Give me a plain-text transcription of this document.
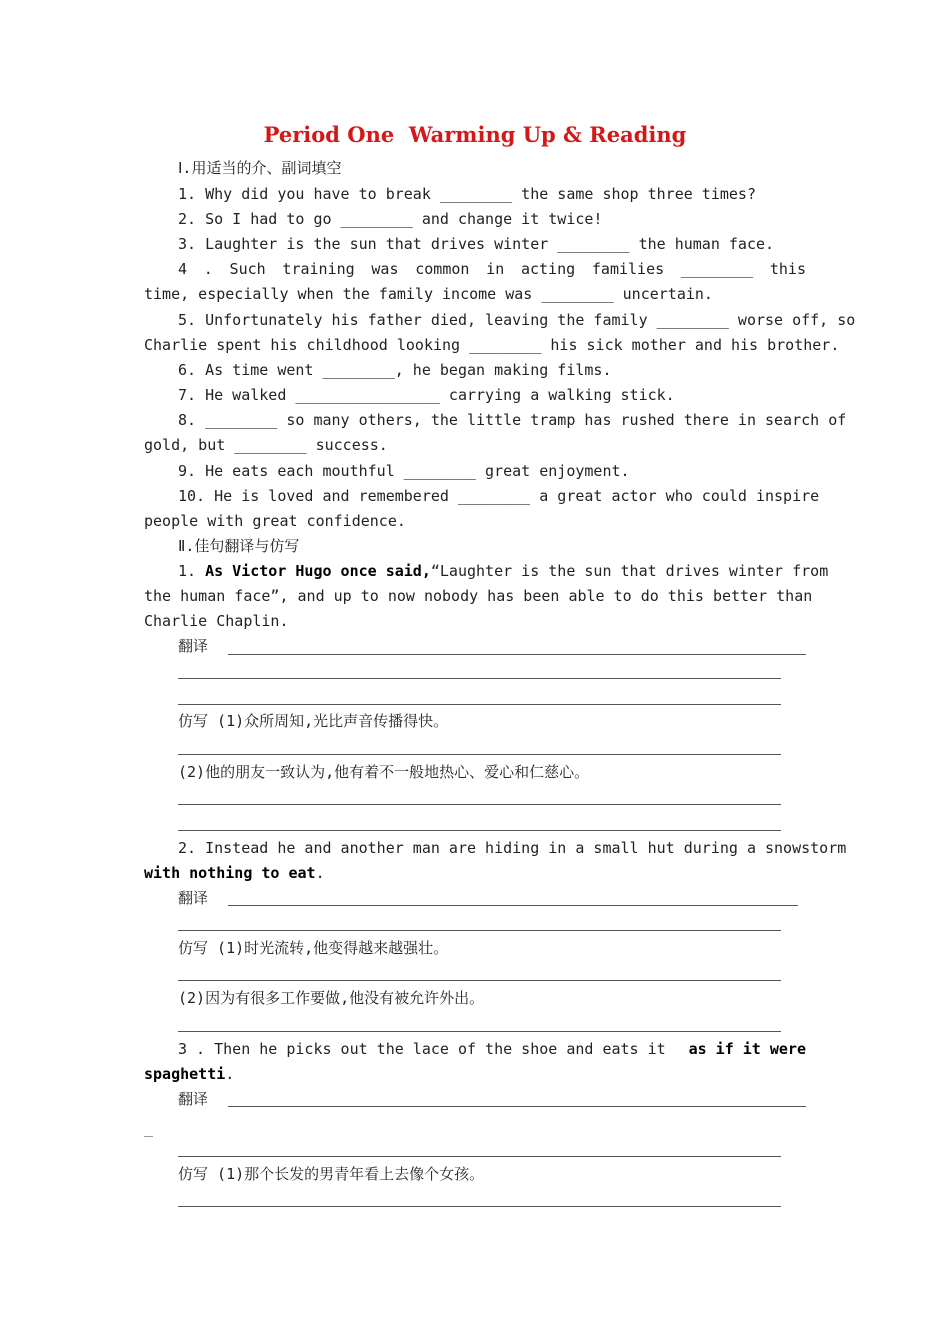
Period One  Warming Up & Reading
Ⅰ.用适当的介、副词填空
1. Why did you have to break ________ the same shop three times?
2. So I had to go ________ and change it twice!
3. Laughter is the sun that drives winter ________ the human face.
4 . Such training was common in acting families ________ this
time, especially when the family income was ________ uncertain.
5. Unfortunately his father died, leaving the family ________ worse off, so
Charlie spent his childhood looking ________ his sick mother and his brother.
6. As time went ________, he began making films.
7. He walked ________________ carrying a walking stick.
8. ________ so many others, the little tramp has rushed there in search of
gold, but ________ success.
9. He eats each mouthful ________ great enjoyment.
10. He is loved and remembered ________ a great actor who could inspire
people with great confidence.
Ⅱ.佳句翻译与仿写
1. As Victor Hugo once said, “Laughter is the sun that drives winter from
the human face”, and up to now nobody has been able to do this better than
Charlie Chaplin.
翻译
仿写 (1)众所周知,光比声音传播得快。
(2)他的朋友一致认为,他有着不一般地热心、爱心和仁慈心。
2. Instead he and another man are hiding in a small hut during a snowstorm
with nothing to eat.
翻译
仿写 (1)时光流转,他变得越来越强壮。
(2)因为有很多工作要做,他没有被允许外出。
3 . Then he picks out the lace of the shoe and eats it as if it were
spaghetti.
翻译
_
仿写 (1)那个长发的男青年看上去像个女孩。
